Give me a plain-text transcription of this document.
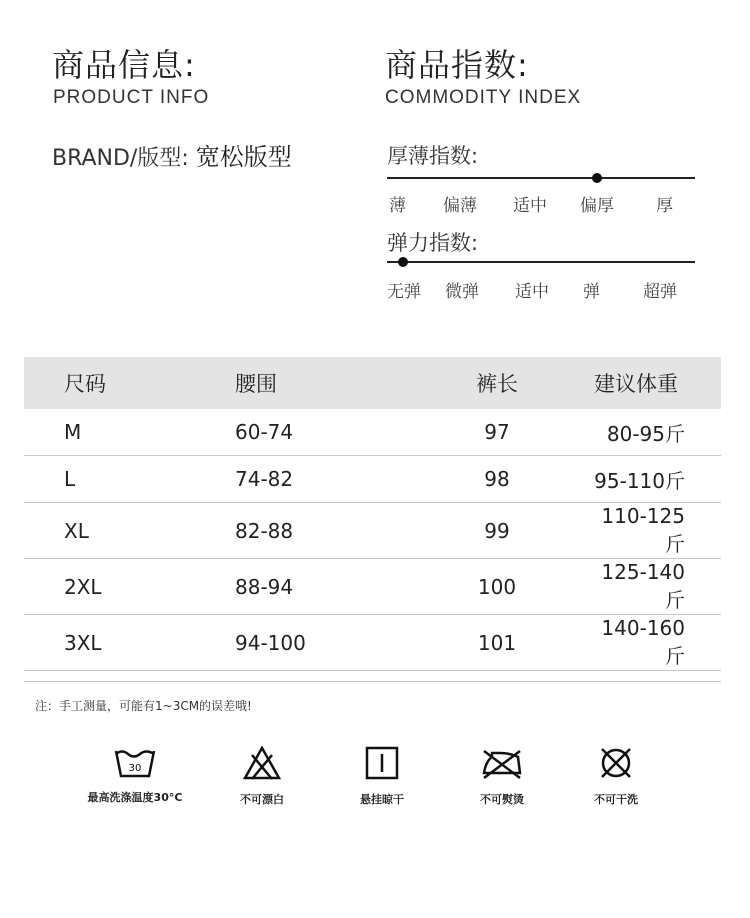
商品信息:
PRODUCT INFO
商品指数:
COMMODITY INDEX
BRAND/版型: 宽松版型	厚薄指数:
薄 偏薄 适中 偏厚 厚
弹力指数:
无弹 微弹 适中 弹	超弹
尺码	腰围	裤长	建议体重
M	60-74	97	80-95斤
L	74-82	98	95-110斤
XL	82-88	99	110-125斤
2XL	88-94	100	125-140斤
3XL	94-100	101	140-160斤
注：手工测量，可能有1~3CM的误差哦!
30
最高洗涤温度30°C	不可漂白	悬挂晾干	不可熨烫	不可干洗
